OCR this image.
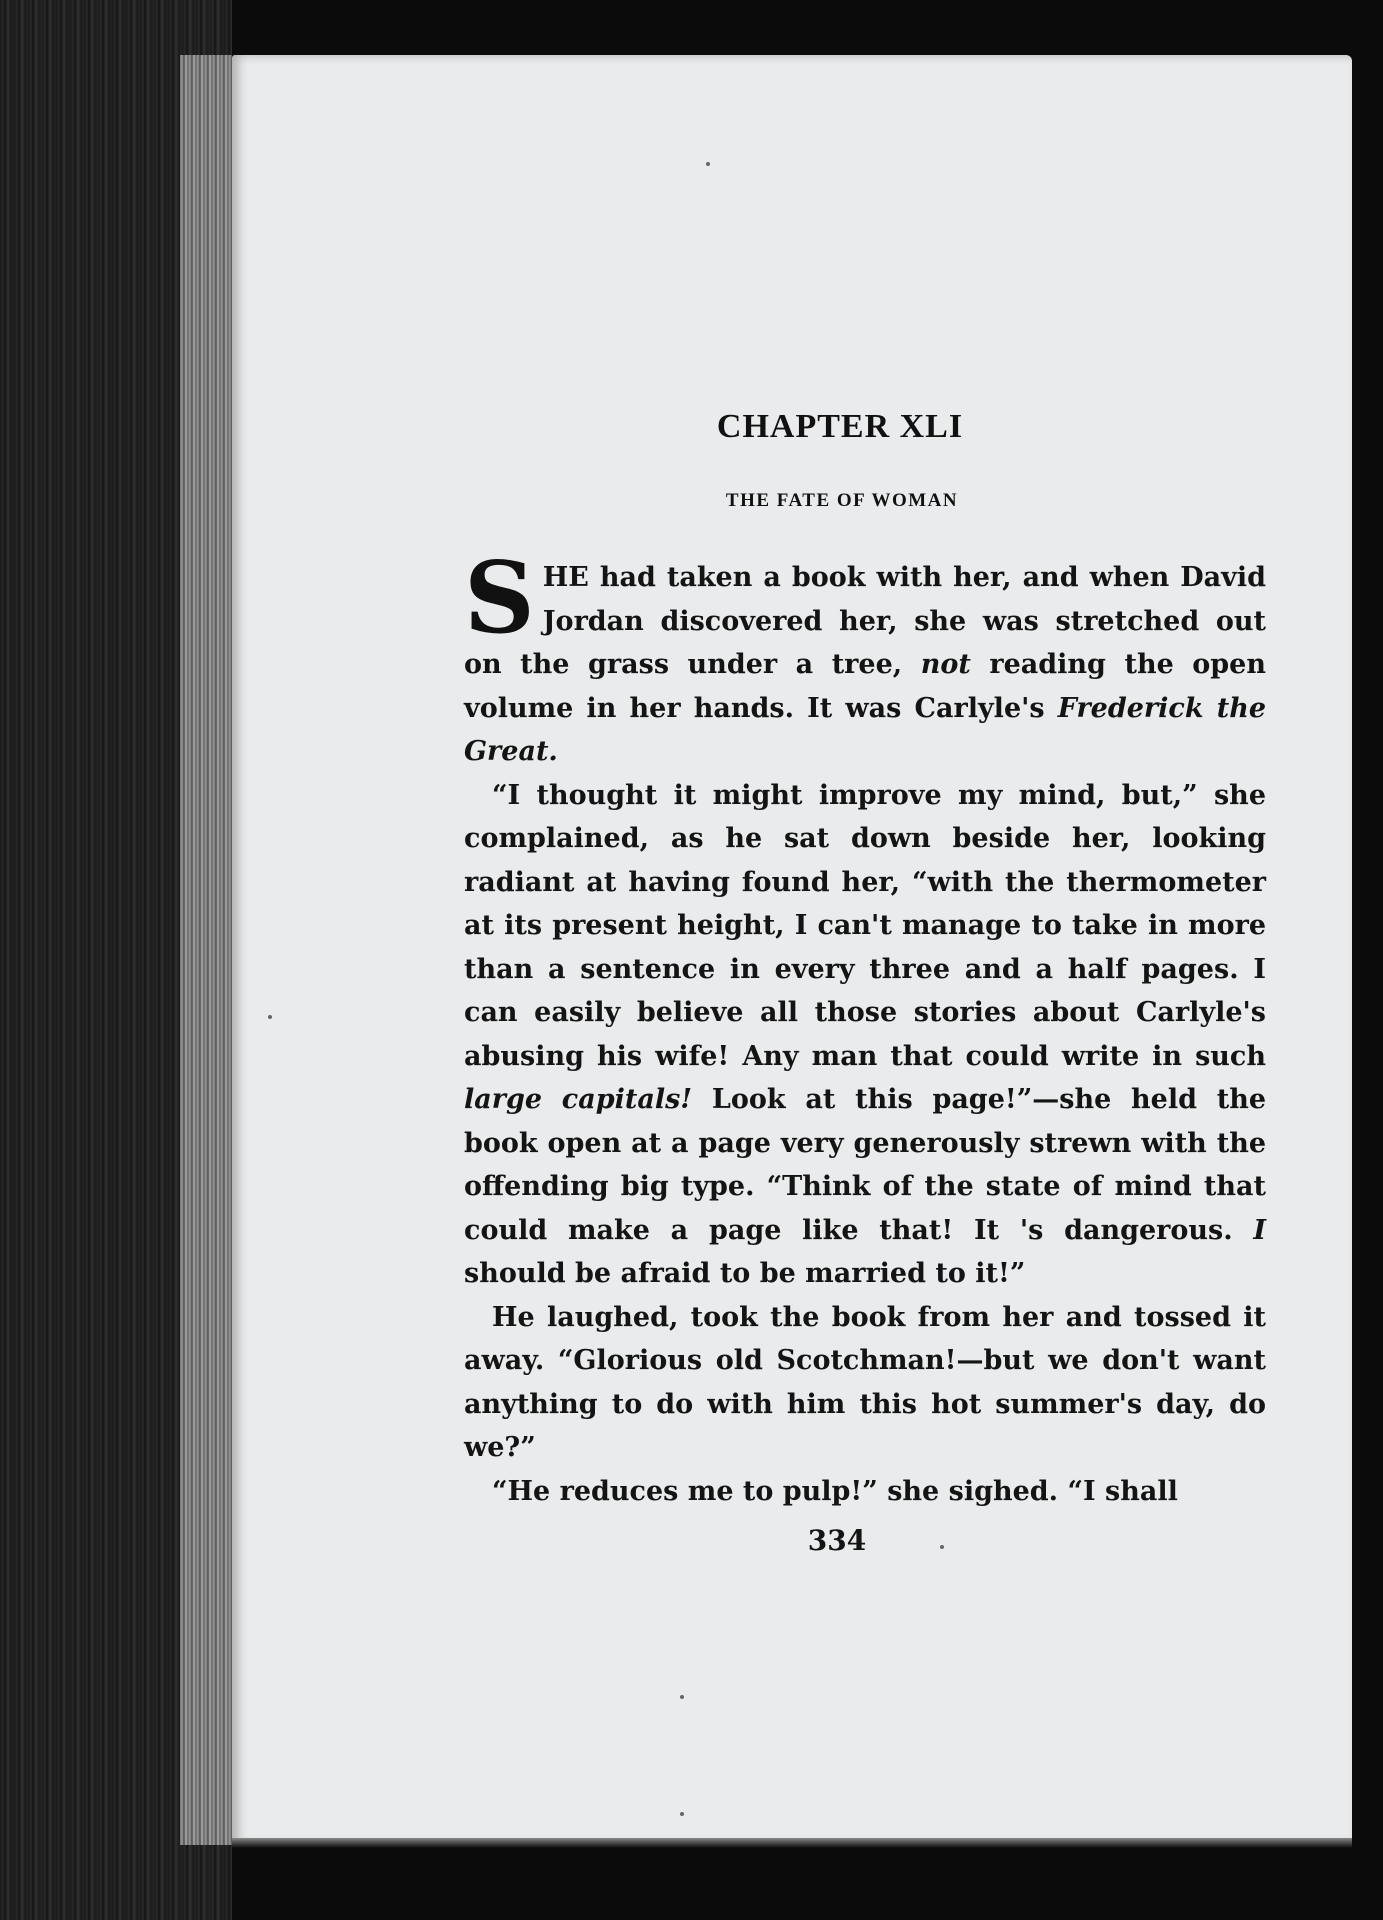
CHAPTER XLI
THE FATE OF WOMAN

SHE had taken a book with her, and when David Jordan discovered her, she was stretched out on the grass under a tree, not reading the open volume in her hands. It was Carlyle's Frederick the Great.

“I thought it might improve my mind, but,” she complained, as he sat down beside her, looking radiant at having found her, “with the thermometer at its present height, I can't manage to take in more than a sentence in every three and a half pages. I can easily believe all those stories about Carlyle's abusing his wife! Any man that could write in such large capitals! Look at this page!”—she held the book open at a page very generously strewn with the offending big type. “Think of the state of mind that could make a page like that! It 's dangerous. I should be afraid to be married to it!”

He laughed, took the book from her and tossed it away. “Glorious old Scotchman!—but we don't want anything to do with him this hot summer's day, do we?”

“He reduces me to pulp!” she sighed. “I shall

334
